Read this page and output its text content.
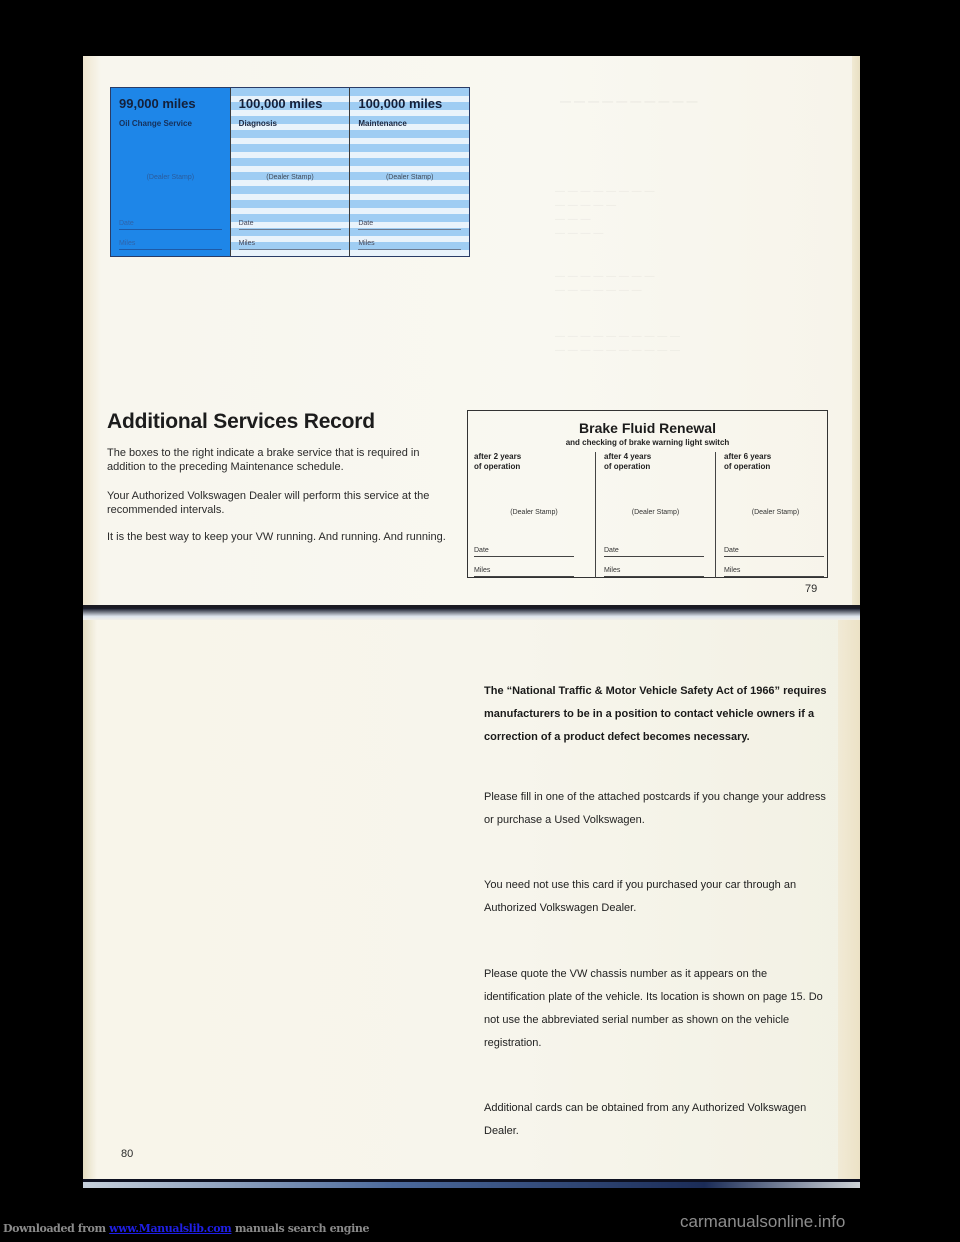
— — — — — — — — — —
— — — — — — — —
— — — — —
— — —
— — — —
— — — — — — — —
— — — — — — —
— — — — — — — — — —
— — — — — — — — — —
99,000 miles
Oil Change Service
(Dealer Stamp)
Date
Miles
100,000 miles
Diagnosis
(Dealer Stamp)
Date
Miles
100,000 miles
Maintenance
(Dealer Stamp)
Date
Miles
Additional Services Record

The boxes to the right indicate a brake service that is required in addition to the preceding Maintenance schedule.

Your Authorized Volkswagen Dealer will perform this service at the recommended intervals.

It is the best way to keep your VW running. And running. And running.

Brake Fluid Renewal
and checking of brake warning light switch
after 2 years
of operation
(Dealer Stamp)
Date
Miles
after 4 years
of operation
(Dealer Stamp)
Date
Miles
after 6 years
of operation
(Dealer Stamp)
Date
Miles
79

The “National Traffic & Motor Vehicle Safety Act of 1966” requires manufacturers to be in a position to contact vehicle owners if a correction of a product defect becomes necessary.

Please fill in one of the attached postcards if you change your address or purchase a Used Volkswagen.

You need not use this card if you purchased your car through an Authorized Volkswagen Dealer.

Please quote the VW chassis number as it appears on the identification plate of the vehicle. Its location is shown on page 15. Do not use the abbreviated serial number as shown on the vehicle registration.

Additional cards can be obtained from any Authorized Volkswagen Dealer.

80
Downloaded from www.Manualslib.com manuals search engine	carmanualsonline.info
